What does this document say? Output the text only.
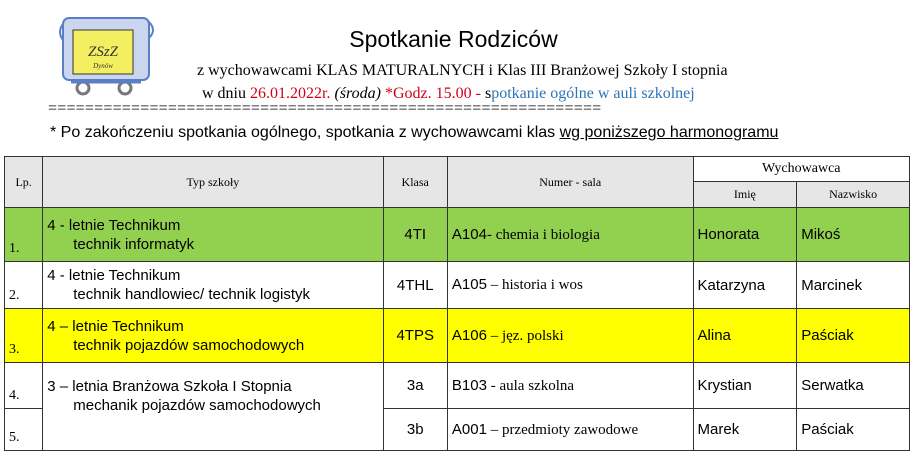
ZSzZ
Dynów
Spotkanie Rodziców
z wychowawcami KLAS MATURALNYCH i Klas III Branżowej Szkoły I stopnia
w dniu 26.01.2022r. (środa) *Godz. 15.00 - spotkanie ogólne w auli szkolnej
============================================================
* Po zakończeniu spotkania ogólnego, spotkania z wychowawcami klas wg poniższego harmonogramu
Lp.	Typ szkoły	Klasa	Numer - sala	Wychowawca	
				Imię	Nazwisko
1.	4 - letnie Technikum
technik informatyk	4TI	A104- chemia i biologia	Honorata	Mikoś
2.	4 - letnie Technikum
technik handlowiec/ technik logistyk	4THL	A105 – historia i wos	Katarzyna	Marcinek
3.	4 – letnie Technikum
technik pojazdów samochodowych	4TPS	A106 – jęz. polski	Alina	Paściak
4.	3 – letnia Branżowa Szkoła I Stopnia
mechanik pojazdów samochodowych	3a	B103 - aula szkolna	Krystian	Serwatka
5.		3b	A001 – przedmioty zawodowe	Marek	Paściak
